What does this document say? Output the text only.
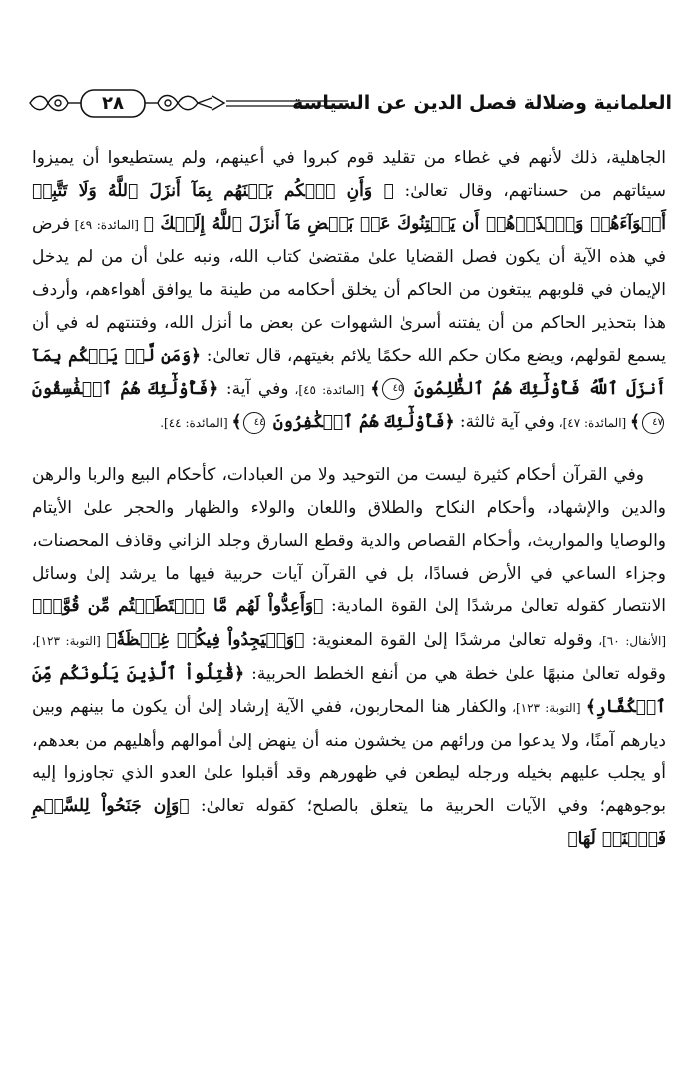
٢٨	العلمانية وضلالة فصل الدين عن السياسة

الجاهلية، ذلك لأنهم في غطاء من تقليد قوم كبروا في أعينهم، ولم يستطيعوا أن يميزوا سيئاتهم من حسناتهم، وقال تعالىٰ: ﴿ وَأَنِ ٱحۡكُم بَيۡنَهُم بِمَآ أَنزَلَ ٱللَّهُ وَلَا تَتَّبِعۡ أَهۡوَآءَهُمۡ وَٱحۡذَرۡهُمۡ أَن يَفۡتِنُوكَ عَنۢ بَعۡضِ مَآ أَنزَلَ ٱللَّهُ إِلَيۡكَ ﴾ [المائدة: ٤٩] فرض في هذه الآية أن يكون فصل القضايا علىٰ مقتضىٰ كتاب الله، ونبه علىٰ أن من لم يدخل الإيمان في قلوبهم يبتغون من الحاكم أن يخلق أحكامه من طينة ما يوافق أهواءهم، وأردف هذا بتحذير الحاكم من أن يفتنه أسرىٰ الشهوات عن بعض ما أنزل الله، وفتنتهم له في أن يسمع لقولهم، ويضع مكان حكم الله حكمًا يلائم بغيتهم، قال تعالىٰ: ﴿وَمَن لَّمۡ يَحۡكُم بِمَآ أَنزَلَ ٱللَّهُ فَأُوْلَٰٓئِكَ هُمُ ٱلظَّٰلِمُونَ ٤٥﴾ [المائدة: ٤٥]، وفي آية: ﴿فَأُوْلَٰٓئِكَ هُمُ ٱلۡفَٰسِقُونَ ٤٧﴾ [المائدة: ٤٧]، وفي آية ثالثة: ﴿فَأُوْلَٰٓئِكَ هُمُ ٱلۡكَٰفِرُونَ ٤٤﴾ [المائدة: ٤٤].

وفي القرآن أحكام كثيرة ليست من التوحيد ولا من العبادات، كأحكام البيع والربا والرهن والدين والإشهاد، وأحكام النكاح والطلاق واللعان والولاء والظهار والحجر علىٰ الأيتام والوصايا والمواريث، وأحكام القصاص والدية وقطع السارق وجلد الزاني وقاذف المحصنات، وجزاء الساعي في الأرض فسادًا، بل في القرآن آيات حربية فيها ما يرشد إلىٰ وسائل الانتصار كقوله تعالىٰ مرشدًا إلىٰ القوة المادية: ﴿وَأَعِدُّواْ لَهُم مَّا ٱسۡتَطَعۡتُم مِّن قُوَّةٖ﴾ [الأنفال: ٦٠]، وقوله تعالىٰ مرشدًا إلىٰ القوة المعنوية: ﴿وَلۡيَجِدُواْ فِيكُمۡ غِلۡظَةٗ﴾ [التوبة: ١٢٣]، وقوله تعالىٰ منبهًا علىٰ خطة هي من أنفع الخطط الحربية: ﴿قَٰتِلُواْ ٱلَّذِينَ يَلُونَكُم مِّنَ ٱلۡكُفَّارِ﴾ [التوبة: ١٢٣]، والكفار هنا المحاربون، ففي الآية إرشاد إلىٰ أن يكون ما بينهم وبين ديارهم آمنًا، ولا يدعوا من ورائهم من يخشون منه أن ينهض إلىٰ أموالهم وأهليهم من بعدهم، أو يجلب عليهم بخيله ورجله ليطعن في ظهورهم وقد أقبلوا علىٰ العدو الذي تجاوزوا إليه بوجوههم؛ وفي الآيات الحربية ما يتعلق بالصلح؛ كقوله تعالىٰ: ﴿وَإِن جَنَحُواْ لِلسَّلۡمِ فَٱجۡنَحۡ لَهَا﴾
